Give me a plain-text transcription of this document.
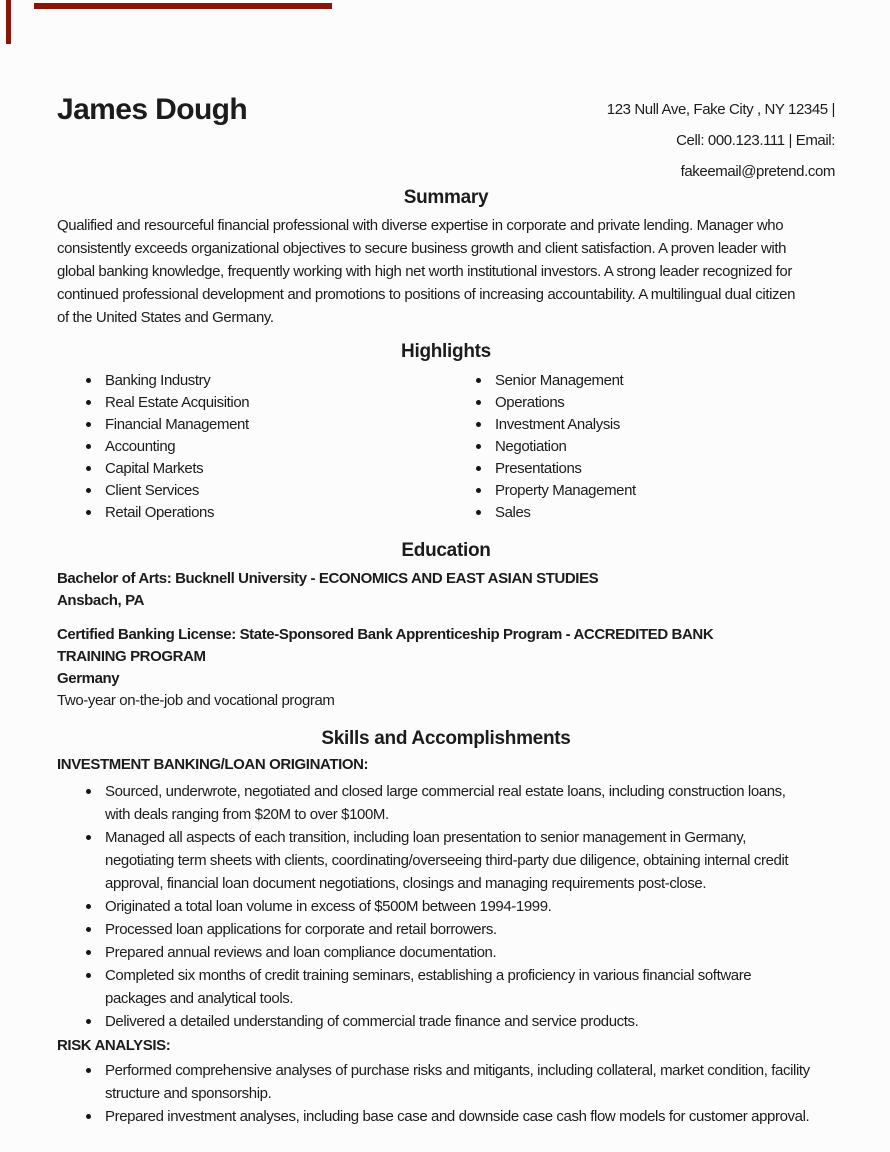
James Dough	123 Null Ave, Fake City , NY 12345 |
Cell: 000.123.111 | Email:
fakeemail@pretend.com
Summary
Qualified and resourceful financial professional with diverse expertise in corporate and private lending. Manager who
consistently exceeds organizational objectives to secure business growth and client satisfaction. A proven leader with
global banking knowledge, frequently working with high net worth institutional investors. A strong leader recognized for
continued professional development and promotions to positions of increasing accountability. A multilingual dual citizen
of the United States and Germany.
Highlights
Banking Industry
Real Estate Acquisition
Financial Management
Accounting
Capital Markets
Client Services
Retail Operations
Senior Management
Operations
Investment Analysis
Negotiation
Presentations
Property Management
Sales
Education
Bachelor of Arts: Bucknell University - ECONOMICS AND EAST ASIAN STUDIES
Ansbach, PA
Certified Banking License: State-Sponsored Bank Apprenticeship Program - ACCREDITED BANK
TRAINING PROGRAM
Germany
Two-year on-the-job and vocational program
Skills and Accomplishments
INVESTMENT BANKING/LOAN ORIGINATION:
Sourced, underwrote, negotiated and closed large commercial real estate loans, including construction loans,
with deals ranging from $20M to over $100M.
Managed all aspects of each transition, including loan presentation to senior management in Germany,
negotiating term sheets with clients, coordinating/overseeing third-party due diligence, obtaining internal credit
approval, financial loan document negotiations, closings and managing requirements post-close.
Originated a total loan volume in excess of $500M between 1994-1999.
Processed loan applications for corporate and retail borrowers.
Prepared annual reviews and loan compliance documentation.
Completed six months of credit training seminars, establishing a proficiency in various financial software
packages and analytical tools.
Delivered a detailed understanding of commercial trade finance and service products.
RISK ANALYSIS:
Performed comprehensive analyses of purchase risks and mitigants, including collateral, market condition, facility
structure and sponsorship.
Prepared investment analyses, including base case and downside case cash flow models for customer approval.
